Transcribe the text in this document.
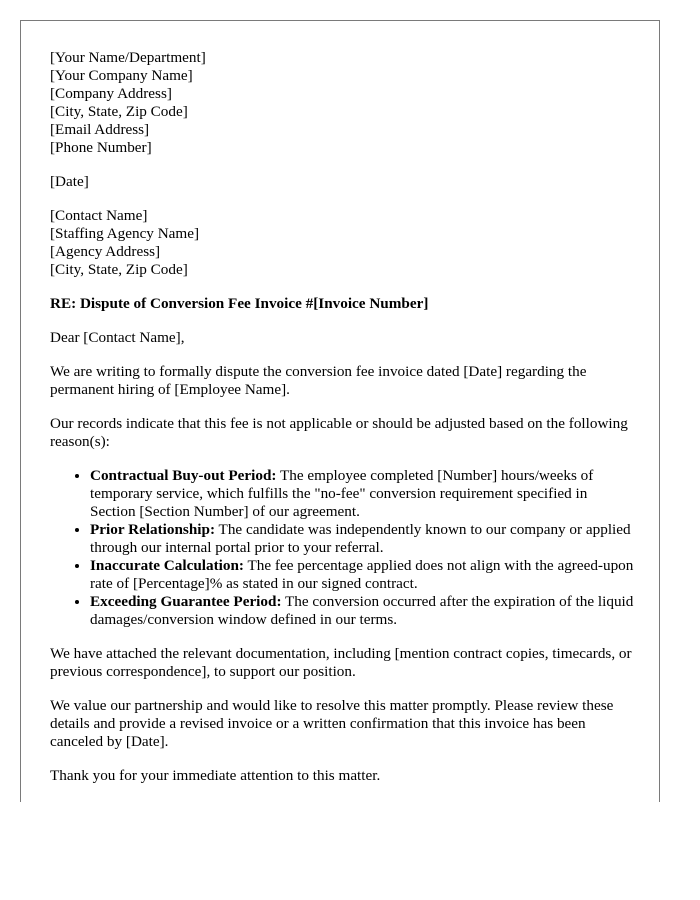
[Your Name/Department]
[Your Company Name]
[Company Address]
[City, State, Zip Code]
[Email Address]
[Phone Number]
[Date]
[Contact Name]
[Staffing Agency Name]
[Agency Address]
[City, State, Zip Code]

RE: Dispute of Conversion Fee Invoice #[Invoice Number]

Dear [Contact Name],

We are writing to formally dispute the conversion fee invoice dated [Date] regarding the permanent hiring of [Employee Name].

Our records indicate that this fee is not applicable or should be adjusted based on the following reason(s):

• Contractual Buy-out Period: The employee completed [Number] hours/weeks of temporary service, which fulfills the "no-fee" conversion requirement specified in Section [Section Number] of our agreement.
• Prior Relationship: The candidate was independently known to our company or applied through our internal portal prior to your referral.
• Inaccurate Calculation: The fee percentage applied does not align with the agreed-upon rate of [Percentage]% as stated in our signed contract.
• Exceeding Guarantee Period: The conversion occurred after the expiration of the liquid damages/conversion window defined in our terms.

We have attached the relevant documentation, including [mention contract copies, timecards, or previous correspondence], to support our position.

We value our partnership and would like to resolve this matter promptly. Please review these details and provide a revised invoice or a written confirmation that this invoice has been canceled by [Date].

Thank you for your immediate attention to this matter.
